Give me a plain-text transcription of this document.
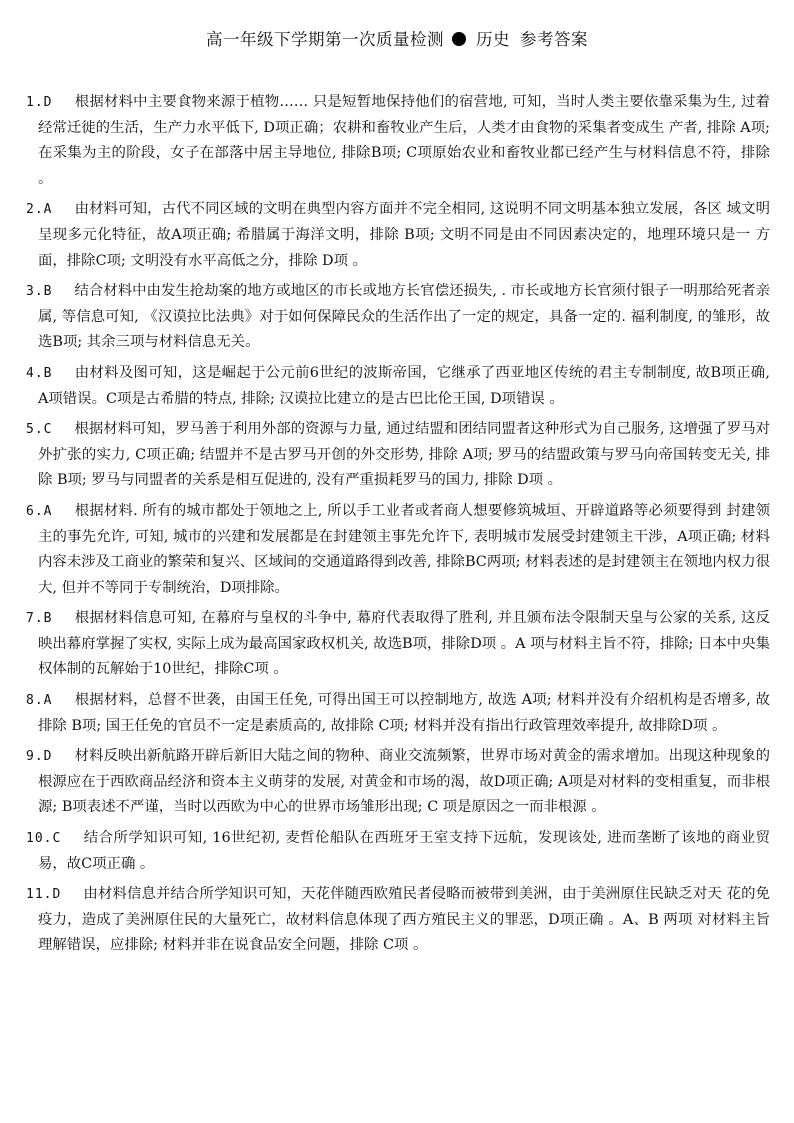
高一年级下学期第一次质量检测 历史 参考答案

1.D 根据材料中主要食物来源于植物…… 只是短暂地保持他们的宿营地, 可知，当时人类主要依靠采集为生, 过着经常迁徙的生活，生产力水平低下, D项正确；农耕和畜牧业产生后，人类才由食物的采集者变成生 产者, 排除 A项; 在采集为主的阶段，女子在部落中居主导地位, 排除B项; C项原始农业和畜牧业都已经产生与材料信息不符，排除 。

2.A 由材料可知，古代不同区域的文明在典型内容方面并不完全相同, 这说明不同文明基本独立发展，各区 域文明呈现多元化特征，故A项正确; 希腊属于海洋文明，排除 B项; 文明不同是由不同因素决定的，地理环境只是一 方面，排除C项; 文明没有水平高低之分，排除 D项 。

3.B 结合材料中由发生抢劫案的地方或地区的市长或地方长官偿还损失, . 市长或地方长官须付银子一明那给死者亲属, 等信息可知, 《汉谟拉比法典》对于如何保障民众的生活作出了一定的规定，具备一定的. 福利制度, 的雏形，故选B项; 其余三项与材料信息无关。

4.B 由材料及图可知，这是崛起于公元前6世纪的波斯帝国，它继承了西亚地区传统的君主专制制度, 故B项正确, A项错误。C项是古希腊的特点, 排除; 汉谟拉比建立的是古巴比伦王国, D项错误 。

5.C 根据材料可知，罗马善于利用外部的资源与力量, 通过结盟和团结同盟者这种形式为自己服务, 这增强了罗马对外扩张的实力, C项正确; 结盟并不是古罗马开创的外交形势, 排除 A项; 罗马的结盟政策与罗马向帝国转变无关, 排除 B项; 罗马与同盟者的关系是相互促进的, 没有严重损耗罗马的国力, 排除 D项 。

6.A 根据材料. 所有的城市都处于领地之上, 所以手工业者或者商人想要修筑城垣、开辟道路等必须要得到 封建领主的事先允许, 可知, 城市的兴建和发展都是在封建领主事先允许下, 表明城市发展受封建领主干涉，A项正确; 材料内容未涉及工商业的繁荣和复兴、区域间的交通道路得到改善, 排除BC两项; 材料表述的是封建领主在领地内权力很大, 但并不等同于专制统治，D项排除。

7.B 根据材料信息可知, 在幕府与皇权的斗争中, 幕府代表取得了胜利, 并且颁布法令限制天皇与公家的关系, 这反映出幕府掌握了实权, 实际上成为最高国家政权机关, 故选B项，排除D项 。A 项与材料主旨不符，排除; 日本中央集权体制的瓦解始于10世纪，排除C项 。

8.A 根据材料，总督不世袭，由国王任免, 可得出国王可以控制地方, 故选 A项; 材料并没有介绍机构是否增多, 故排除 B项; 国王任免的官员不一定是素质高的, 故排除 C项; 材料并没有指出行政管理效率提升, 故排除D项 。

9.D 材料反映出新航路开辟后新旧大陆之间的物种、商业交流频繁，世界市场对黄金的需求增加。出现这种现象的根源应在于西欧商品经济和资本主义萌芽的发展, 对黄金和市场的渴，故D项正确; A项是对材料的变相重复，而非根源; B项表述不严谨，当时以西欧为中心的世界市场雏形出现; C 项是原因之一而非根源 。

10.C 结合所学知识可知, 16世纪初, 麦哲伦船队在西班牙王室支持下远航，发现该处, 进而垄断了该地的商业贸易，故C项正确 。

11.D 由材料信息并结合所学知识可知，天花伴随西欧殖民者侵略而被带到美洲，由于美洲原住民缺乏对天 花的免疫力，造成了美洲原住民的大量死亡，故材料信息体现了西方殖民主义的罪恶，D项正确 。A、B 两项 对材料主旨理解错误，应排除; 材料并非在说食品安全问题，排除 C项 。
